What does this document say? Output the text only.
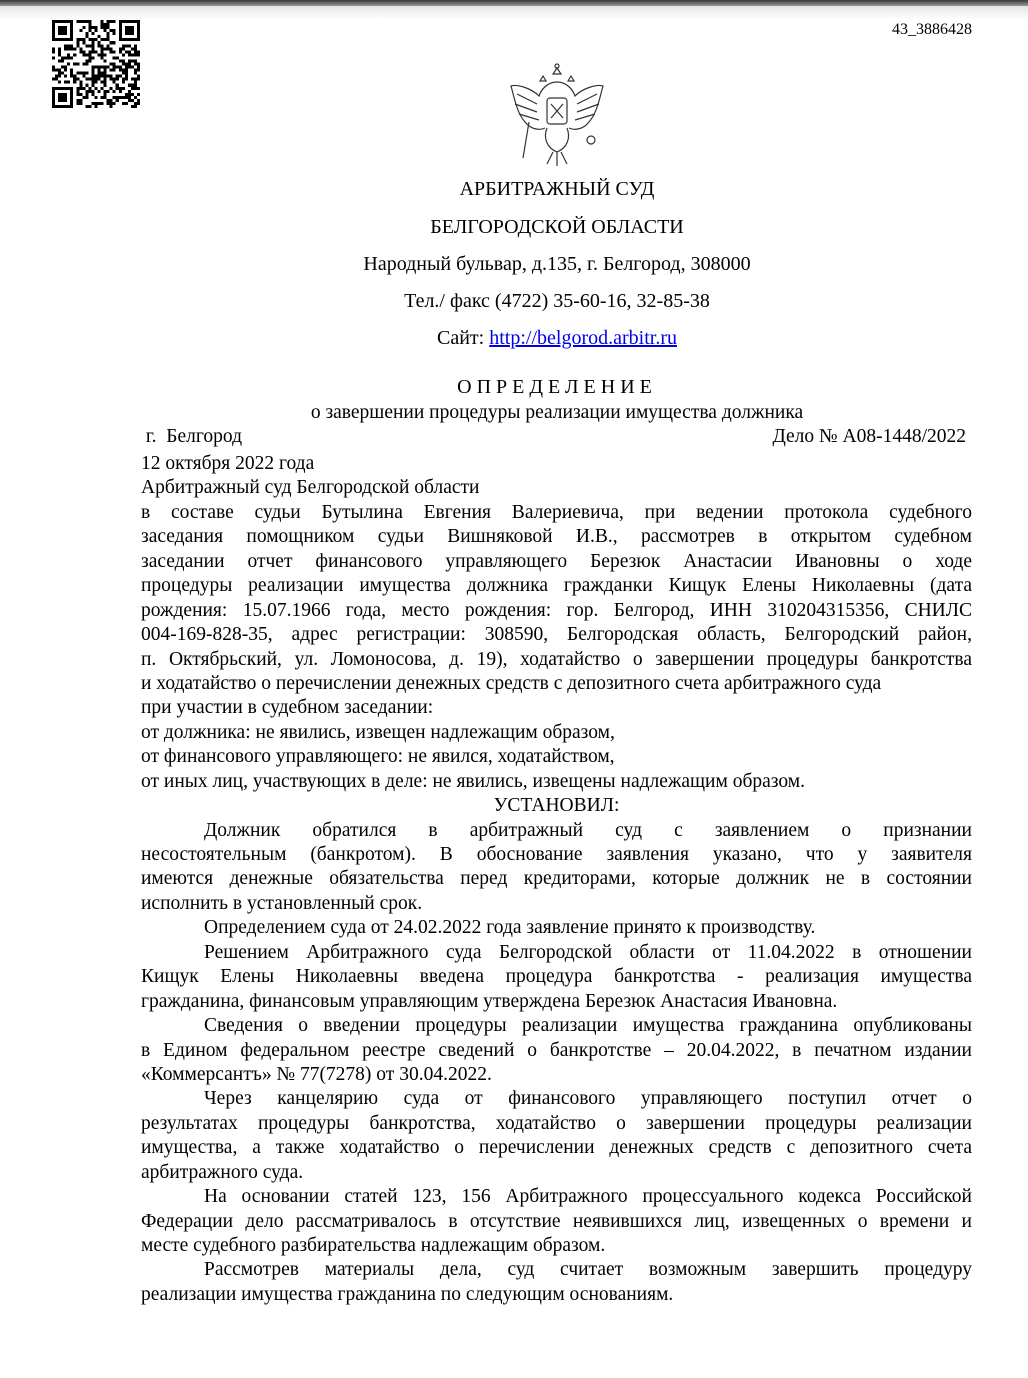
43_3886428
АРБИТРАЖНЫЙ СУД
БЕЛГОРОДСКОЙ ОБЛАСТИ
Народный бульвар, д.135, г. Белгород, 308000
Тел./ факс (4722) 35-60-16, 32-85-38
Сайт: http://belgorod.arbitr.ru
ОПРЕДЕЛЕНИЕ
о завершении процедуры реализации имущества должника
г.  Белгород	Дело № А08-1448/2022
12 октября 2022 года
Арбитражный суд Белгородской области
в составе судьи Бутылина Евгения Валериевича, при ведении протокола судебного
заседания помощником судьи Вишняковой И.В., рассмотрев в открытом судебном
заседании отчет финансового управляющего Березюк Анастасии Ивановны о ходе
процедуры реализации имущества должника гражданки Кищук Елены Николаевны (дата
рождения: 15.07.1966 года, место рождения: гор. Белгород, ИНН 310204315356, СНИЛС
004-169-828-35, адрес регистрации: 308590, Белгородская область, Белгородский район,
п. Октябрьский, ул. Ломоносова, д. 19), ходатайство о завершении процедуры банкротства
и ходатайство о перечислении денежных средств с депозитного счета арбитражного суда
при участии в судебном заседании:
от должника: не явились, извещен надлежащим образом,
от финансового управляющего: не явился, ходатайством,
от иных лиц, участвующих в деле: не явились, извещены надлежащим образом.
УСТАНОВИЛ:
Должник обратился в арбитражный суд с заявлением о признании
несостоятельным (банкротом). В обоснование заявления указано, что у заявителя
имеются денежные обязательства перед кредиторами, которые должник не в состоянии
исполнить в установленный срок.
Определением суда от 24.02.2022 года заявление принято к производству.
Решением Арбитражного суда Белгородской области от 11.04.2022 в отношении
Кищук Елены Николаевны введена процедура банкротства - реализация имущества
гражданина, финансовым управляющим утверждена Березюк Анастасия Ивановна.
Сведения о введении процедуры реализации имущества гражданина опубликованы
в Едином федеральном реестре сведений о банкротстве – 20.04.2022, в печатном издании
«Коммерсантъ» № 77(7278) от 30.04.2022.
Через канцелярию суда от финансового управляющего поступил отчет о
результатах процедуры банкротства, ходатайство о завершении процедуры реализации
имущества, а также ходатайство о перечислении денежных средств с депозитного счета
арбитражного суда.
На основании статей 123, 156 Арбитражного процессуального кодекса Российской
Федерации дело рассматривалось в отсутствие неявившихся лиц, извещенных о времени и
месте судебного разбирательства надлежащим образом.
Рассмотрев материалы дела, суд считает возможным завершить процедуру
реализации имущества гражданина по следующим основаниям.
